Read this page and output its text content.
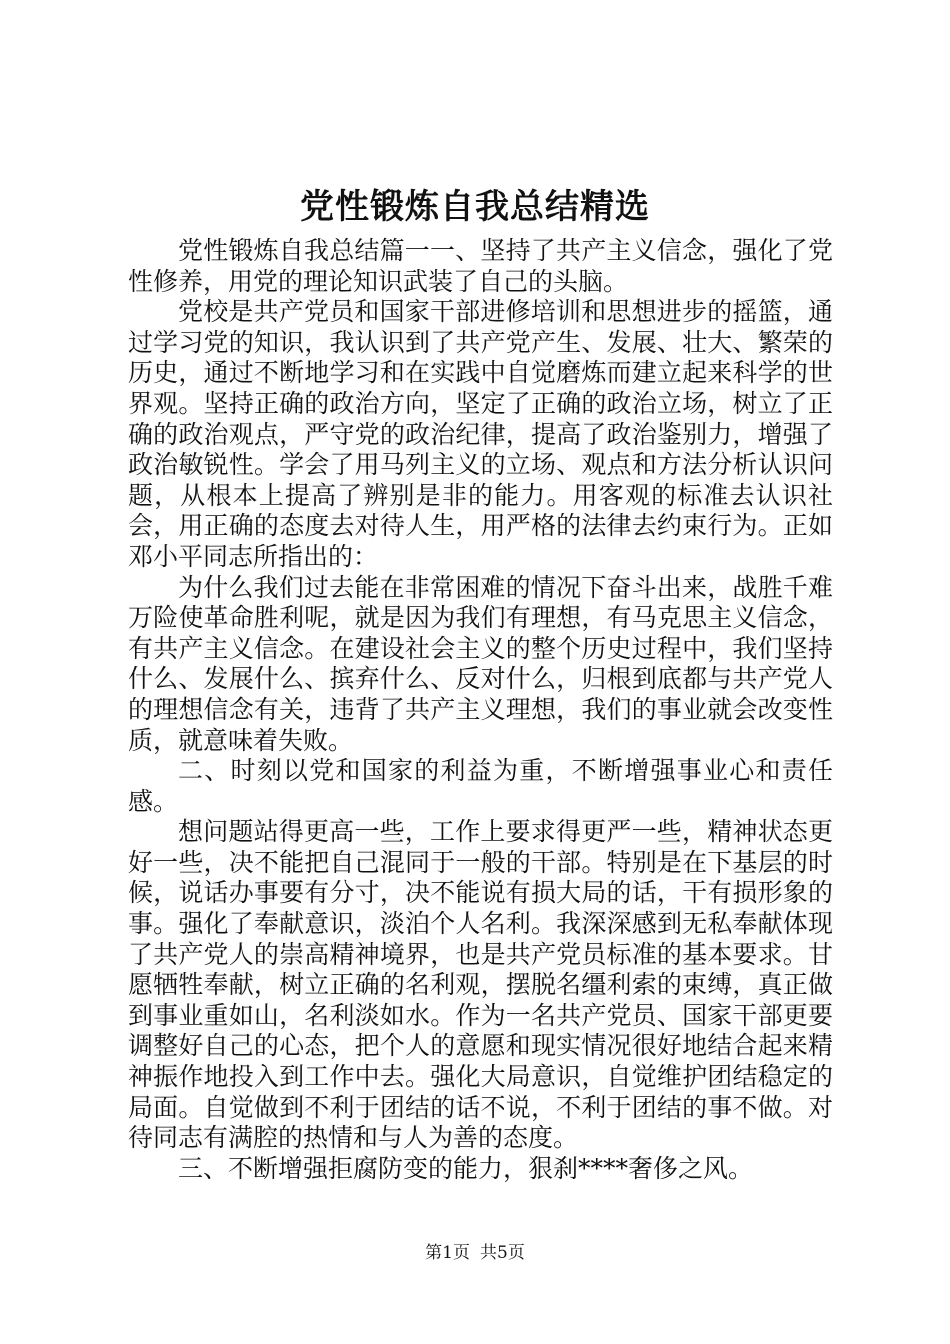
党性锻炼自我总结精选

党性锻炼自我总结篇一一、坚持了共产主义信念，强化了党性修养，用党的理论知识武装了自己的头脑。

党校是共产党员和国家干部进修培训和思想进步的摇篮，通过学习党的知识，我认识到了共产党产生、发展、壮大、繁荣的历史，通过不断地学习和在实践中自觉磨炼而建立起来科学的世界观。坚持正确的政治方向，坚定了正确的政治立场，树立了正确的政治观点，严守党的政治纪律，提高了政治鉴别力，增强了政治敏锐性。学会了用马列主义的立场、观点和方法分析认识问题，从根本上提高了辨别是非的能力。用客观的标准去认识社会，用正确的态度去对待人生，用严格的法律去约束行为。正如邓小平同志所指出的：

为什么我们过去能在非常困难的情况下奋斗出来，战胜千难万险使革命胜利呢，就是因为我们有理想，有马克思主义信念，有共产主义信念。在建设社会主义的整个历史过程中，我们坚持什么、发展什么、摈弃什么、反对什么，归根到底都与共产党人的理想信念有关，违背了共产主义理想，我们的事业就会改变性质，就意味着失败。

二、时刻以党和国家的利益为重，不断增强事业心和责任感。

想问题站得更高一些，工作上要求得更严一些，精神状态更好一些，决不能把自己混同于一般的干部。特别是在下基层的时候，说话办事要有分寸，决不能说有损大局的话，干有损形象的事。强化了奉献意识，淡泊个人名利。我深深感到无私奉献体现了共产党人的崇高精神境界，也是共产党员标准的基本要求。甘愿牺牲奉献，树立正确的名利观，摆脱名缰利索的束缚，真正做到事业重如山，名利淡如水。作为一名共产党员、国家干部更要调整好自己的心态，把个人的意愿和现实情况很好地结合起来精神振作地投入到工作中去。强化大局意识，自觉维护团结稳定的局面。自觉做到不利于团结的话不说，不利于团结的事不做。对待同志有满腔的热情和与人为善的态度。

三、不断增强拒腐防变的能力，狠刹****奢侈之风。

第1页 共5页
